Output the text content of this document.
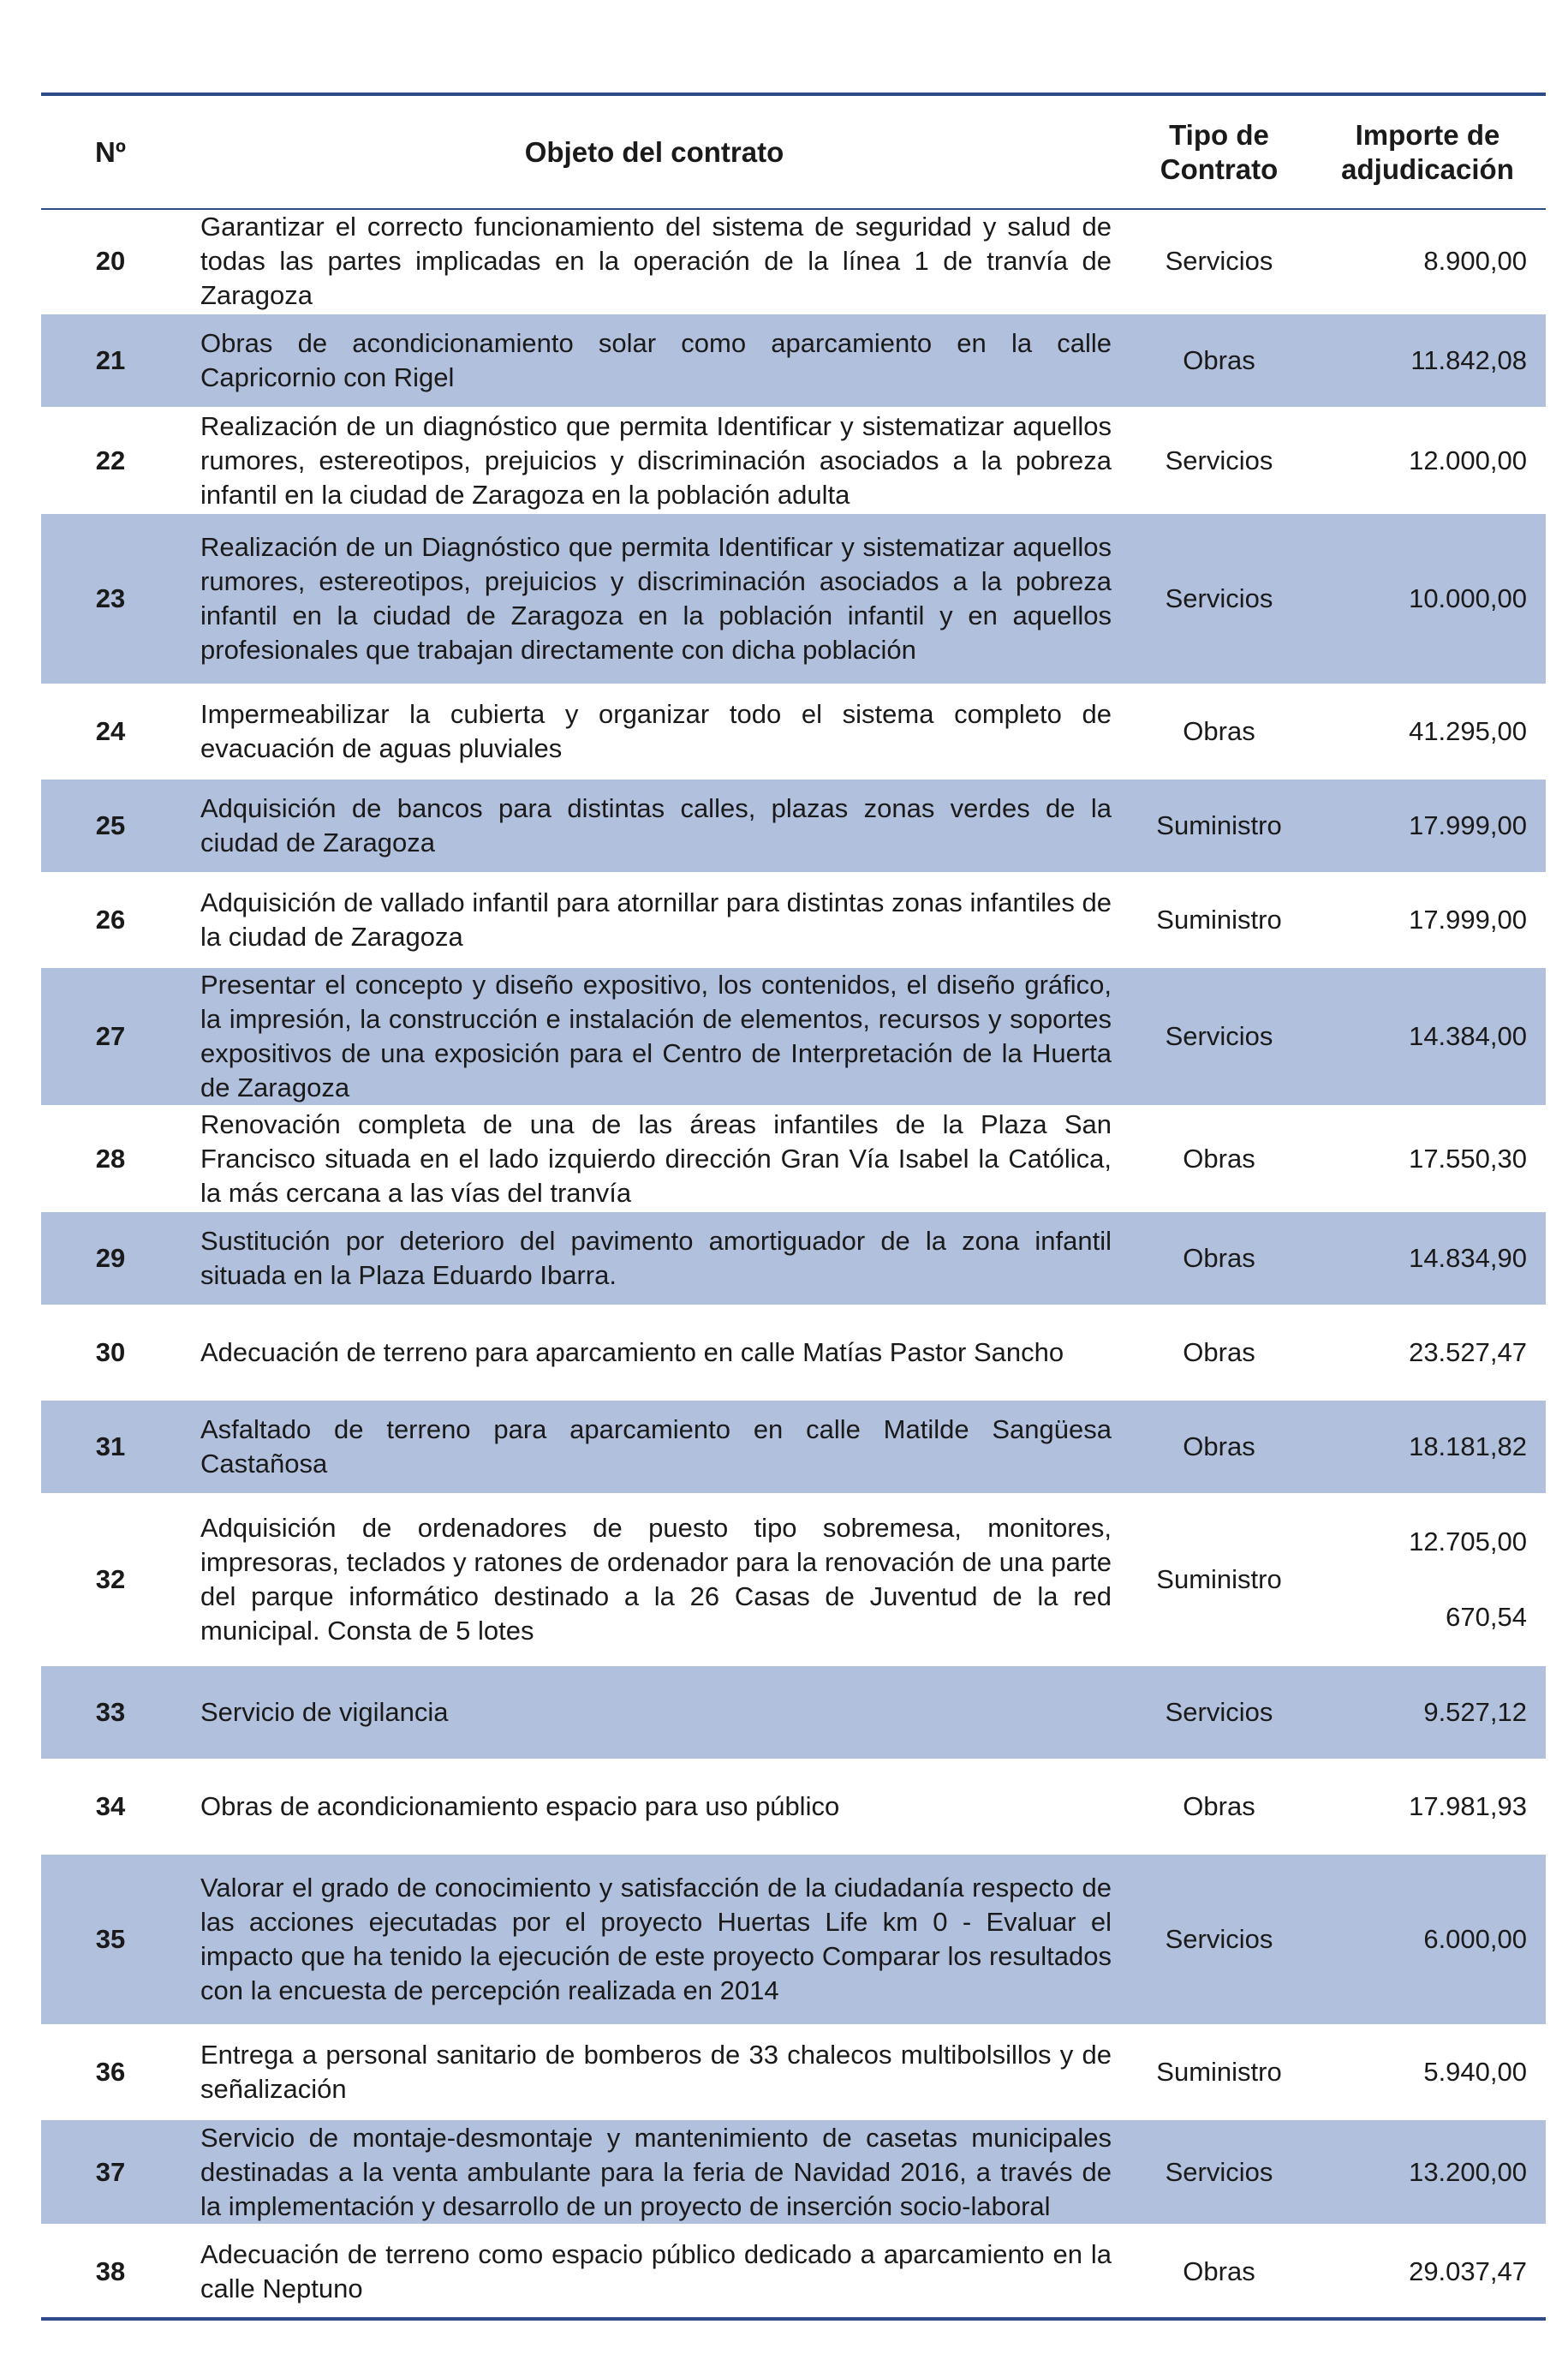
Nº	Objeto del contrato	Tipo de Contrato	Importe de adjudicación
20	Garantizar el correcto funcionamiento del sistema de seguridad y salud de todas las partes implicadas en la operación de la línea 1 de tranvía de Zaragoza	Servicios	8.900,00
21	Obras de acondicionamiento solar como aparcamiento en la calle Capricornio con Rigel	Obras	11.842,08
22	Realización de un diagnóstico que permita Identificar y sistematizar aquellos rumores, estereotipos, prejuicios y discriminación asociados a la pobreza infantil en la ciudad de Zaragoza en la población adulta	Servicios	12.000,00
23	Realización de un Diagnóstico que permita Identificar y sistematizar aquellos rumores, estereotipos, prejuicios y discriminación asociados a la pobreza infantil en la ciudad de Zaragoza en la población infantil y en aquellos profesionales que trabajan directamente con dicha población	Servicios	10.000,00
24	Impermeabilizar la cubierta y organizar todo el sistema completo de evacuación de aguas pluviales	Obras	41.295,00
25	Adquisición de bancos para distintas calles, plazas zonas verdes de la ciudad de Zaragoza	Suministro	17.999,00
26	Adquisición de vallado infantil para atornillar para distintas zonas infantiles de la ciudad de Zaragoza	Suministro	17.999,00
27	Presentar el concepto y diseño expositivo, los contenidos, el diseño gráfico, la impresión, la construcción e instalación de elementos, recursos y soportes expositivos de una exposición para el Centro de Interpretación de la Huerta de Zaragoza	Servicios	14.384,00
28	Renovación completa de una de las áreas infantiles de la Plaza San Francisco situada en el lado izquierdo dirección Gran Vía Isabel la Católica, la más cercana a las vías del tranvía	Obras	17.550,30
29	Sustitución por deterioro del pavimento amortiguador de la zona infantil situada en la Plaza Eduardo Ibarra.	Obras	14.834,90
30	Adecuación de terreno para aparcamiento en calle Matías Pastor Sancho	Obras	23.527,47
31	Asfaltado de terreno para aparcamiento en calle Matilde Sangüesa Castañosa	Obras	18.181,82
32	Adquisición de ordenadores de puesto tipo sobremesa, monitores, impresoras, teclados y ratones de ordenador para la renovación de una parte del parque informático destinado a la 26 Casas de Juventud de la red municipal. Consta de 5 lotes	Suministro	12.705,00
670,54

33	Servicio de vigilancia	Servicios	9.527,12
34	Obras de acondicionamiento espacio para uso público	Obras	17.981,93
35	Valorar el grado de conocimiento y satisfacción de la ciudadanía respecto de las acciones ejecutadas por el proyecto Huertas Life km 0 - Evaluar el impacto que ha tenido la ejecución de este proyecto Comparar los resultados con la encuesta de percepción realizada en 2014	Servicios	6.000,00
36	Entrega a personal sanitario de bomberos de 33 chalecos multibolsillos y de señalización	Suministro	5.940,00
37	Servicio de montaje-desmontaje y mantenimiento de casetas municipales destinadas a la venta ambulante para la feria de Navidad 2016, a través de la implementación y desarrollo de un proyecto de inserción socio-laboral	Servicios	13.200,00
38	Adecuación de terreno como espacio público dedicado a aparcamiento en la calle Neptuno	Obras	29.037,47
